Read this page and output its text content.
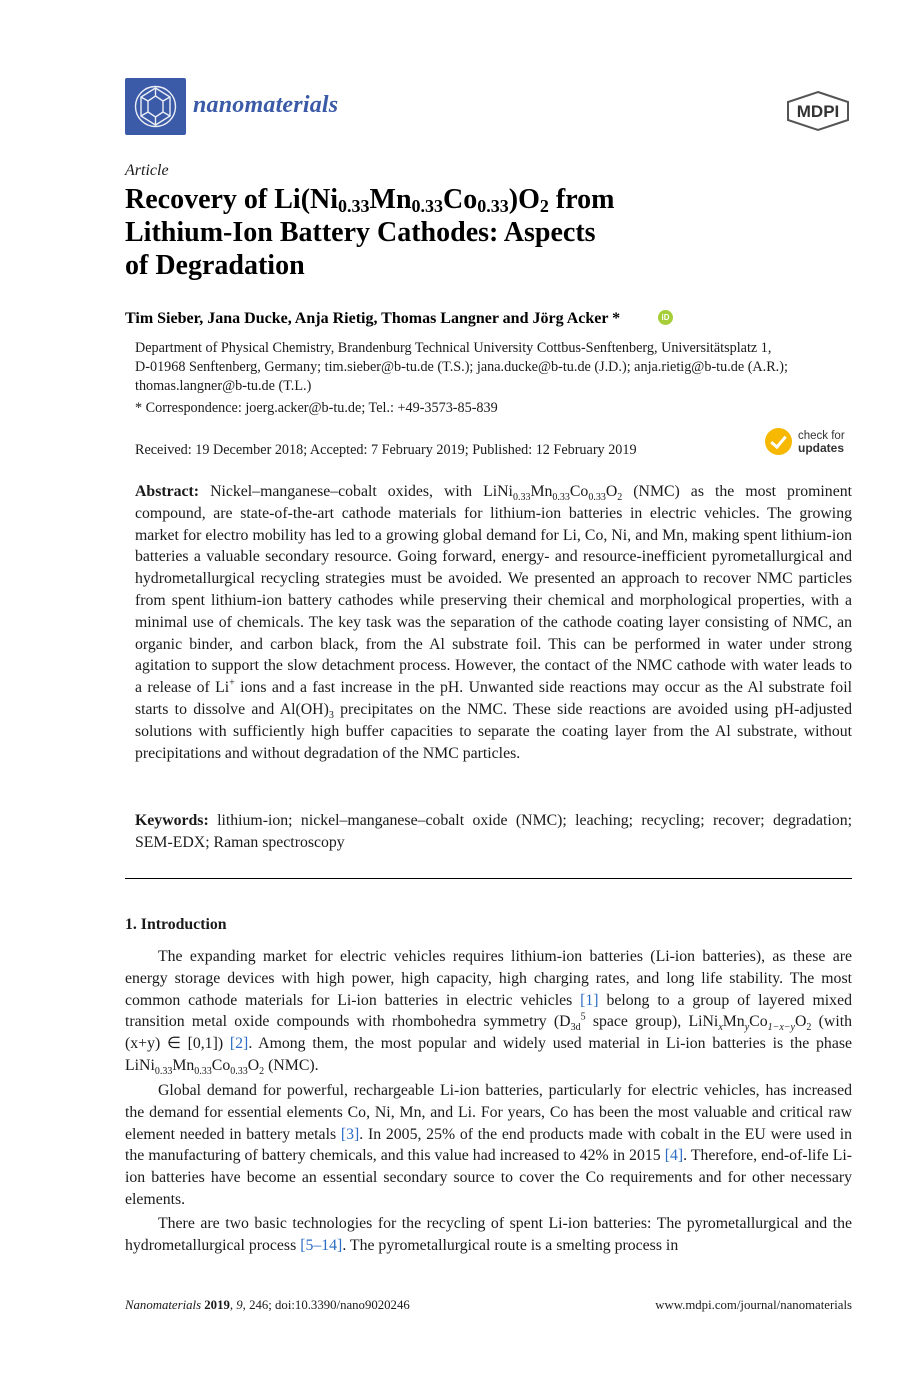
nanomaterials	MDPI
Article
Recovery of $Li(Ni_{0.33}Mn_{0.33}Co_{0.33})O_2$ from
Lithium-Ion Battery Cathodes: Aspects
of Degradation
Tim Sieber, Jana Ducke, Anja Rietig, Thomas Langner and Jörg Acker *	iD
Department of Physical Chemistry, Brandenburg Technical University Cottbus-Senftenberg, Universitätsplatz 1,
D-01968 Senftenberg, Germany; tim.sieber@b-tu.de (T.S.); jana.ducke@b-tu.de (J.D.); anja.rietig@b-tu.de (A.R.);
thomas.langner@b-tu.de (T.L.)
* Correspondence: joerg.acker@b-tu.de; Tel.: +49-3573-85-839
Received: 19 December 2018; Accepted: 7 February 2019; Published: 12 February 2019
check for
updates

Abstract: Nickel–manganese–cobalt oxides, with $LiNi_{0.33}Mn_{0.33}Co_{0.33}O_2$ (NMC) as the most prominent compound, are state-of-the-art cathode materials for lithium-ion batteries in electric vehicles. The growing market for electro mobility has led to a growing global demand for Li, Co, Ni, and Mn, making spent lithium-ion batteries a valuable secondary resource. Going forward, energy- and resource-inefficient pyrometallurgical and hydrometallurgical recycling strategies must be avoided. We presented an approach to recover NMC particles from spent lithium-ion battery cathodes while preserving their chemical and morphological properties, with a minimal use of chemicals. The key task was the separation of the cathode coating layer consisting of NMC, an organic binder, and carbon black, from the Al substrate foil. This can be performed in water under strong agitation to support the slow detachment process. However, the contact of the NMC cathode with water leads to a release of Li+ ions and a fast increase in the pH. Unwanted side reactions may occur as the Al substrate foil starts to dissolve and $Al(OH)_3$ precipitates on the NMC. These side reactions are avoided using pH-adjusted solutions with sufficiently high buffer capacities to separate the coating layer from the Al substrate, without precipitations and without degradation of the NMC particles.

Keywords: lithium-ion; nickel–manganese–cobalt oxide (NMC); leaching; recycling; recover; degradation; SEM-EDX; Raman spectroscopy

1. Introduction

The expanding market for electric vehicles requires lithium-ion batteries (Li-ion batteries), as these are energy storage devices with high power, high capacity, high charging rates, and long life stability. The most common cathode materials for Li-ion batteries in electric vehicles [1] belong to a group of layered mixed transition metal oxide compounds with rhombohedra symmetry ($D_{3d}^5$ space group), $LiNi_xMn_yCo_{1-x-y}O_2$ (with (x+y) ∈ [0,1]) [2]. Among them, the most popular and widely used material in Li-ion batteries is the phase $LiNi_{0.33}Mn_{0.33}Co_{0.33}O_2$ (NMC).

Global demand for powerful, rechargeable Li-ion batteries, particularly for electric vehicles, has increased the demand for essential elements Co, Ni, Mn, and Li. For years, Co has been the most valuable and critical raw element needed in battery metals [3]. In 2005, 25% of the end products made with cobalt in the EU were used in the manufacturing of battery chemicals, and this value had increased to 42% in 2015 [4]. Therefore, end-of-life Li-ion batteries have become an essential secondary source to cover the Co requirements and for other necessary elements.

There are two basic technologies for the recycling of spent Li-ion batteries: The pyrometallurgical and the hydrometallurgical process [5–14]. The pyrometallurgical route is a smelting process in

Nanomaterials 2019, 9, 246; doi:10.3390/nano9020246	www.mdpi.com/journal/nanomaterials
